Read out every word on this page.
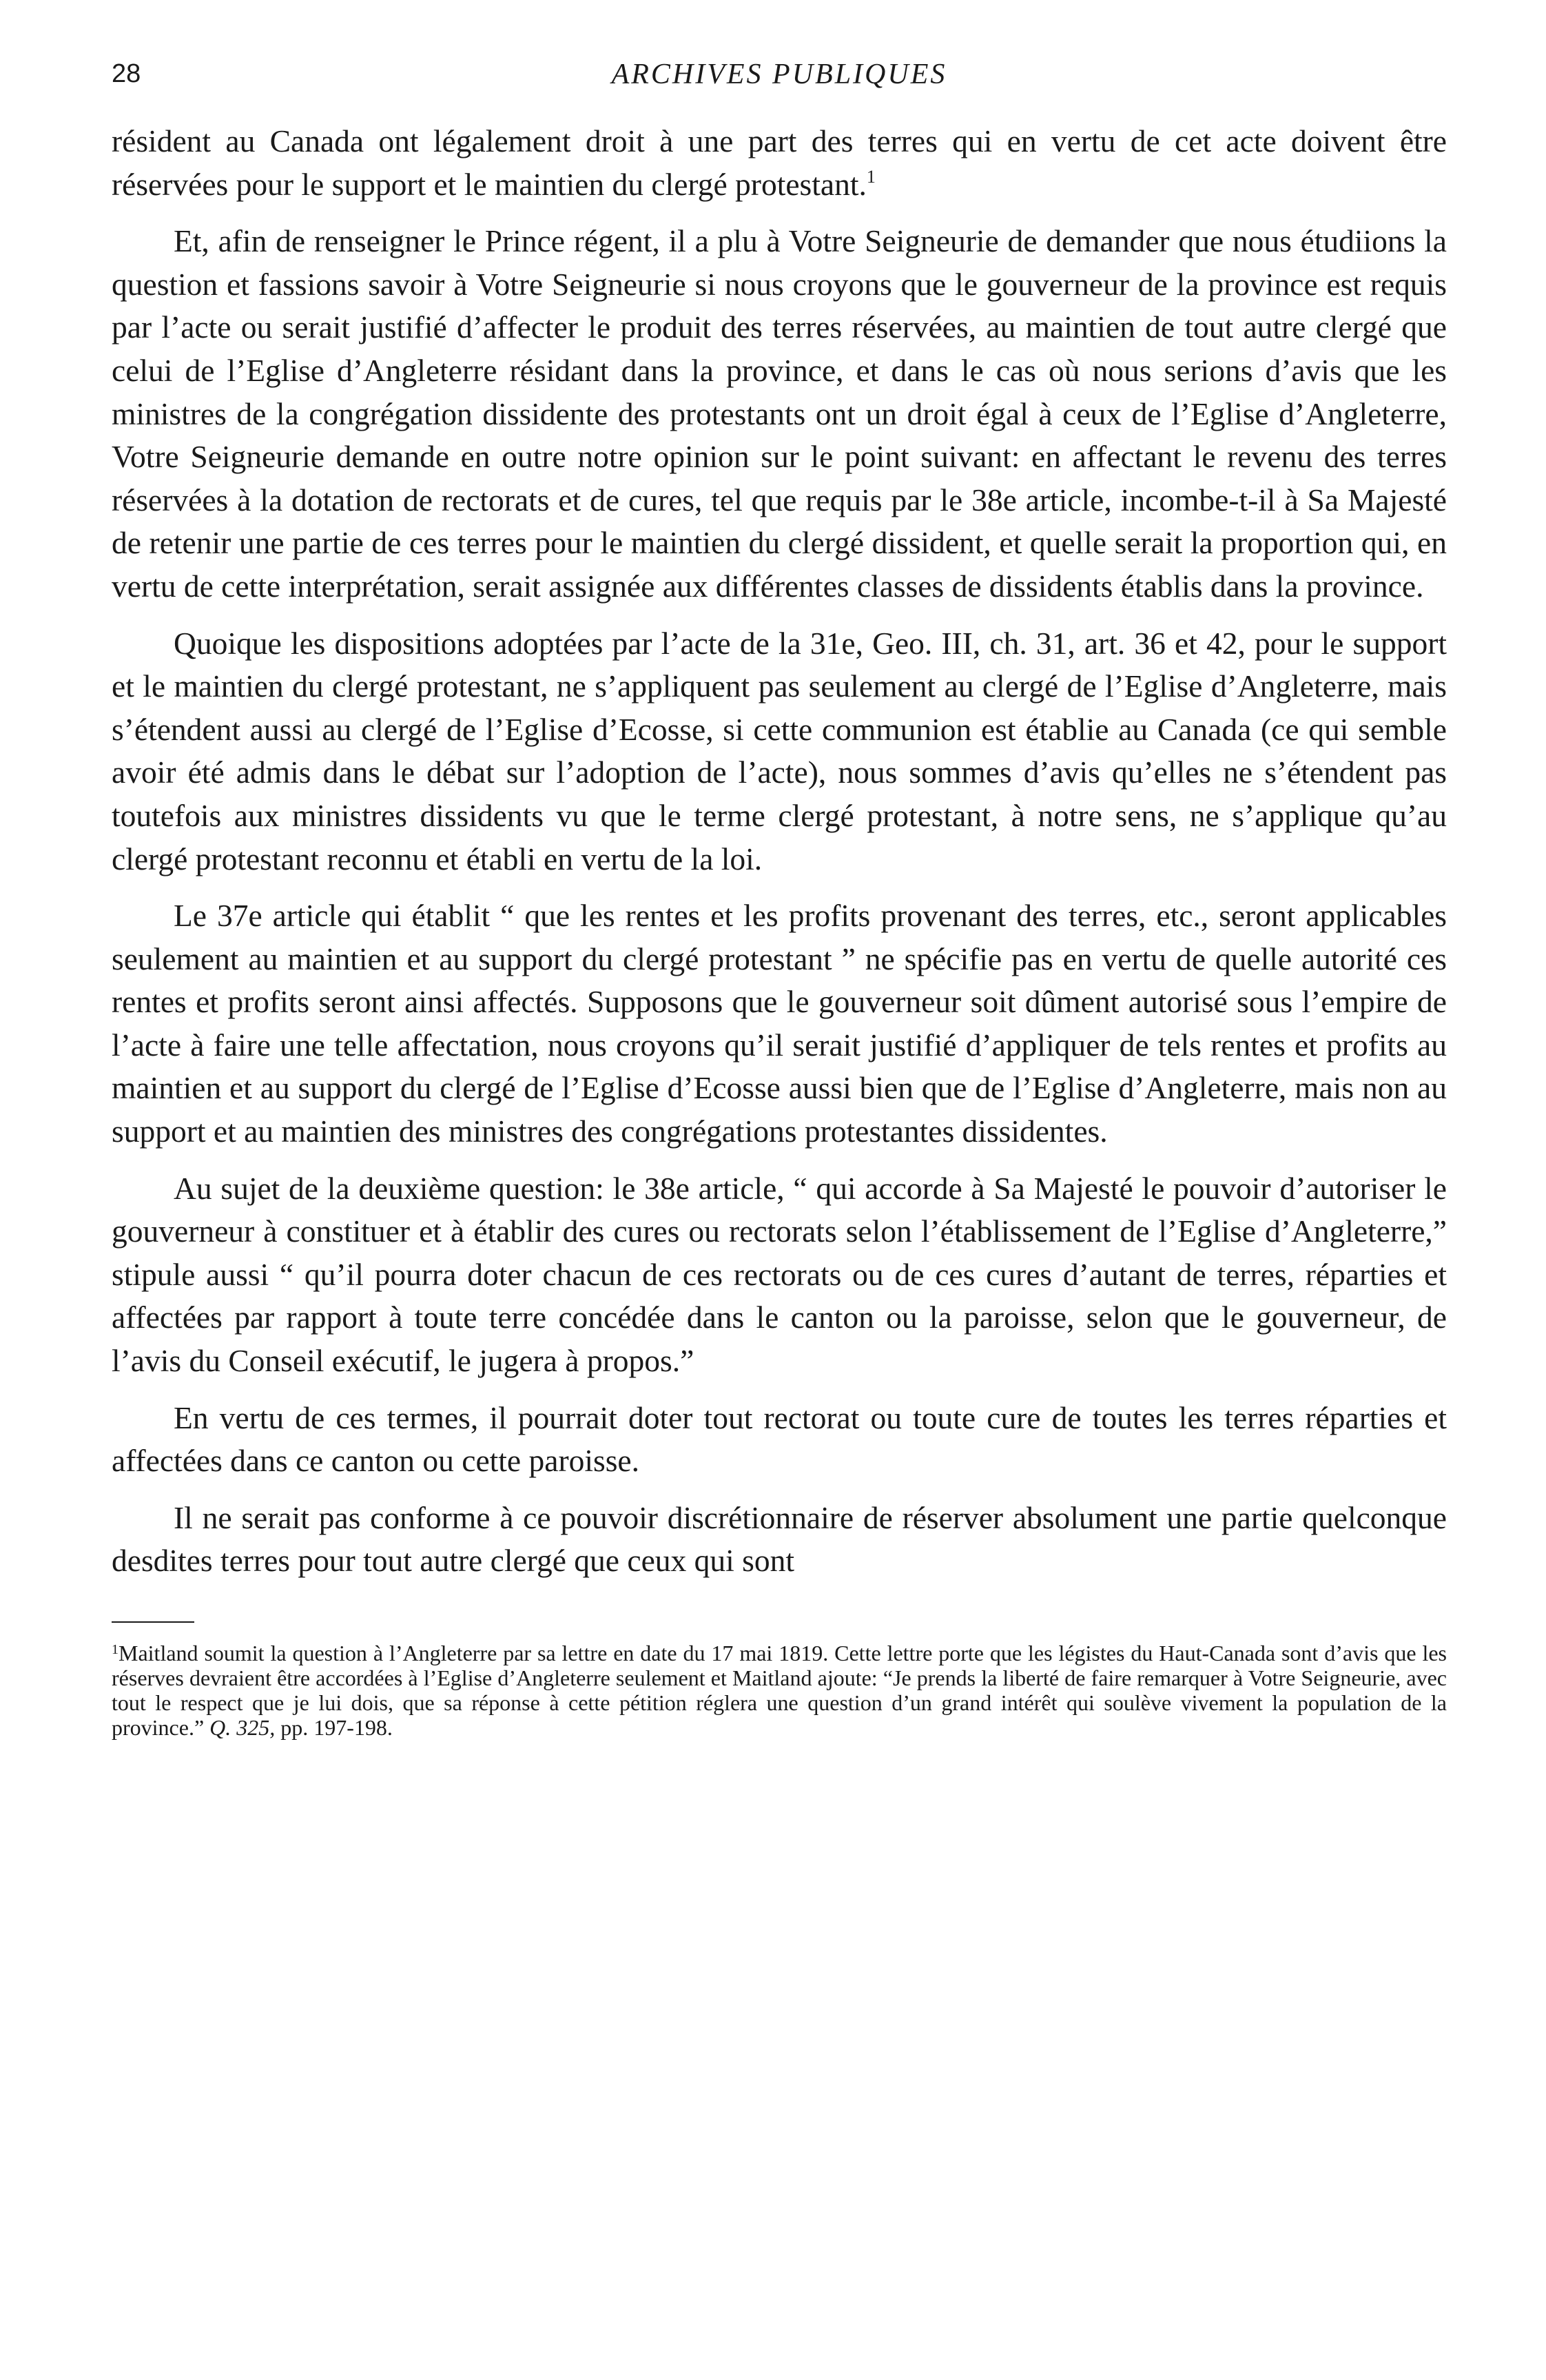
28	ARCHIVES PUBLIQUES

résident au Canada ont légalement droit à une part des terres qui en vertu de cet acte doivent être réservées pour le support et le maintien du clergé protestant.$^1$

Et, afin de renseigner le Prince régent, il a plu à Votre Seigneurie de demander que nous étudiions la question et fassions savoir à Votre Seigneurie si nous croyons que le gouverneur de la province est requis par l’acte ou serait justifié d’affecter le produit des terres réservées, au maintien de tout autre clergé que celui de l’Eglise d’Angleterre résidant dans la province, et dans le cas où nous serions d’avis que les ministres de la congrégation dissidente des protestants ont un droit égal à ceux de l’Eglise d’Angleterre, Votre Seigneurie demande en outre notre opinion sur le point suivant: en affectant le revenu des terres réservées à la dotation de rectorats et de cures, tel que requis par le 38e article, incombe-t-il à Sa Majesté de retenir une partie de ces terres pour le maintien du clergé dissident, et quelle serait la proportion qui, en vertu de cette interprétation, serait assignée aux différentes classes de dissidents établis dans la province.

Quoique les dispositions adoptées par l’acte de la 31e, Geo. III, ch. 31, art. 36 et 42, pour le support et le maintien du clergé protestant, ne s’appliquent pas seulement au clergé de l’Eglise d’Angleterre, mais s’étendent aussi au clergé de l’Eglise d’Ecosse, si cette communion est établie au Canada (ce qui semble avoir été admis dans le débat sur l’adoption de l’acte), nous sommes d’avis qu’elles ne s’étendent pas toutefois aux ministres dissidents vu que le terme clergé protestant, à notre sens, ne s’applique qu’au clergé protestant reconnu et établi en vertu de la loi.

Le 37e article qui établit “ que les rentes et les profits provenant des terres, etc., seront applicables seulement au maintien et au support du clergé protestant ” ne spécifie pas en vertu de quelle autorité ces rentes et profits seront ainsi affectés. Supposons que le gouverneur soit dûment autorisé sous l’empire de l’acte à faire une telle affectation, nous croyons qu’il serait justifié d’appliquer de tels rentes et profits au maintien et au support du clergé de l’Eglise d’Ecosse aussi bien que de l’Eglise d’Angleterre, mais non au support et au maintien des ministres des congrégations protestantes dissidentes.

Au sujet de la deuxième question: le 38e article, “ qui accorde à Sa Majesté le pouvoir d’autoriser le gouverneur à constituer et à établir des cures ou rectorats selon l’établissement de l’Eglise d’Angleterre,” stipule aussi “ qu’il pourra doter chacun de ces rectorats ou de ces cures d’autant de terres, réparties et affectées par rapport à toute terre concédée dans le canton ou la paroisse, selon que le gouverneur, de l’avis du Conseil exécutif, le jugera à propos.”

En vertu de ces termes, il pourrait doter tout rectorat ou toute cure de toutes les terres réparties et affectées dans ce canton ou cette paroisse.

Il ne serait pas conforme à ce pouvoir discrétionnaire de réserver absolument une partie quelconque desdites terres pour tout autre clergé que ceux qui sont

$^1$Maitland soumit la question à l’Angleterre par sa lettre en date du 17 mai 1819. Cette lettre porte que les légistes du Haut-Canada sont d’avis que les réserves devraient être accordées à l’Eglise d’Angleterre seulement et Maitland ajoute: “Je prends la liberté de faire remarquer à Votre Seigneurie, avec tout le respect que je lui dois, que sa réponse à cette pétition réglera une question d’un grand intérêt qui soulève vivement la population de la province.” Q. 325, pp. 197-198.
